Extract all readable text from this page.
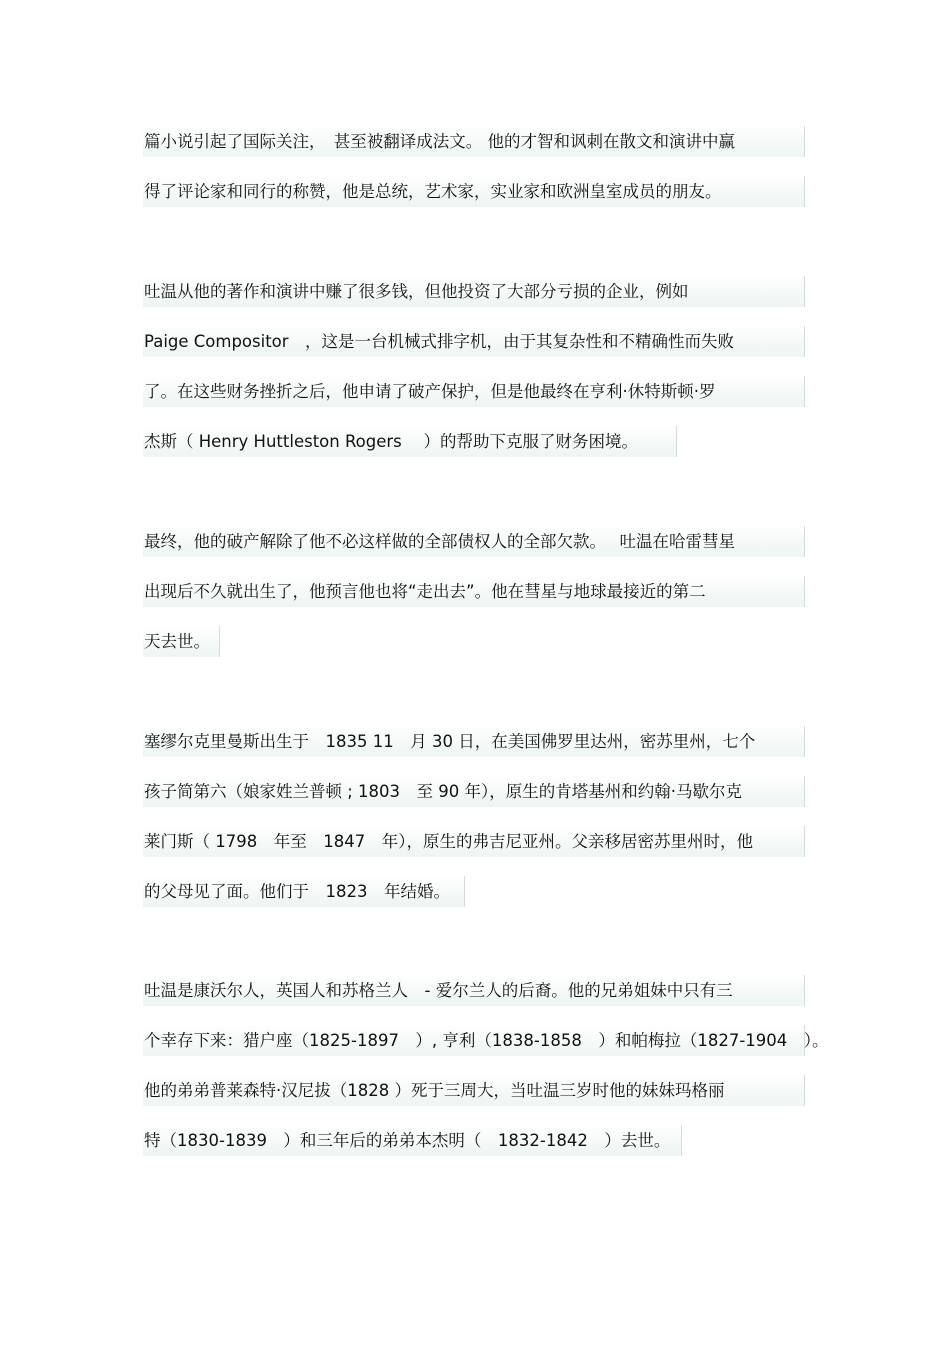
篇小说引起了国际关注，　甚至被翻译成法文。 他的才智和讽刺在散文和演讲中赢
得了评论家和同行的称赞，他是总统，艺术家，实业家和欧洲皇室成员的朋友。
吐温从他的著作和演讲中赚了很多钱，但他投资了大部分亏损的企业，例如
Paige Compositor　，这是一台机械式排字机，由于其复杂性和不精确性而失败
了。在这些财务挫折之后，他申请了破产保护，但是他最终在亨利·休特斯顿·罗
杰斯（ Henry Huttleston Rogers　 ）的帮助下克服了财务困境。
最终，他的破产解除了他不必这样做的全部债权人的全部欠款。　 吐温在哈雷彗星
出现后不久就出生了，他预言他也将“走出去”。他在彗星与地球最接近的第二
天去世。
塞缪尔克里曼斯出生于　1835 11　月 30 日，在美国佛罗里达州，密苏里州，七个
孩子简第六（娘家姓兰普顿 ; 1803　至 90 年），原生的肯塔基州和约翰·马歇尔克
莱门斯（ 1798　年至　1847　年），原生的弗吉尼亚州。父亲移居密苏里州时，他
的父母见了面。他们于　1823　年结婚。
吐温是康沃尔人，英国人和苏格兰人　- 爱尔兰人的后裔。他的兄弟姐妹中只有三
个幸存下来：猎户座（1825-1897　）, 亨利（1838-1858　）和帕梅拉（1827-1904　）。
他的弟弟普莱森特·汉尼拔（1828 ）死于三周大，当吐温三岁时他的妹妹玛格丽
特（1830-1839　）和三年后的弟弟本杰明（　1832-1842　）去世。
